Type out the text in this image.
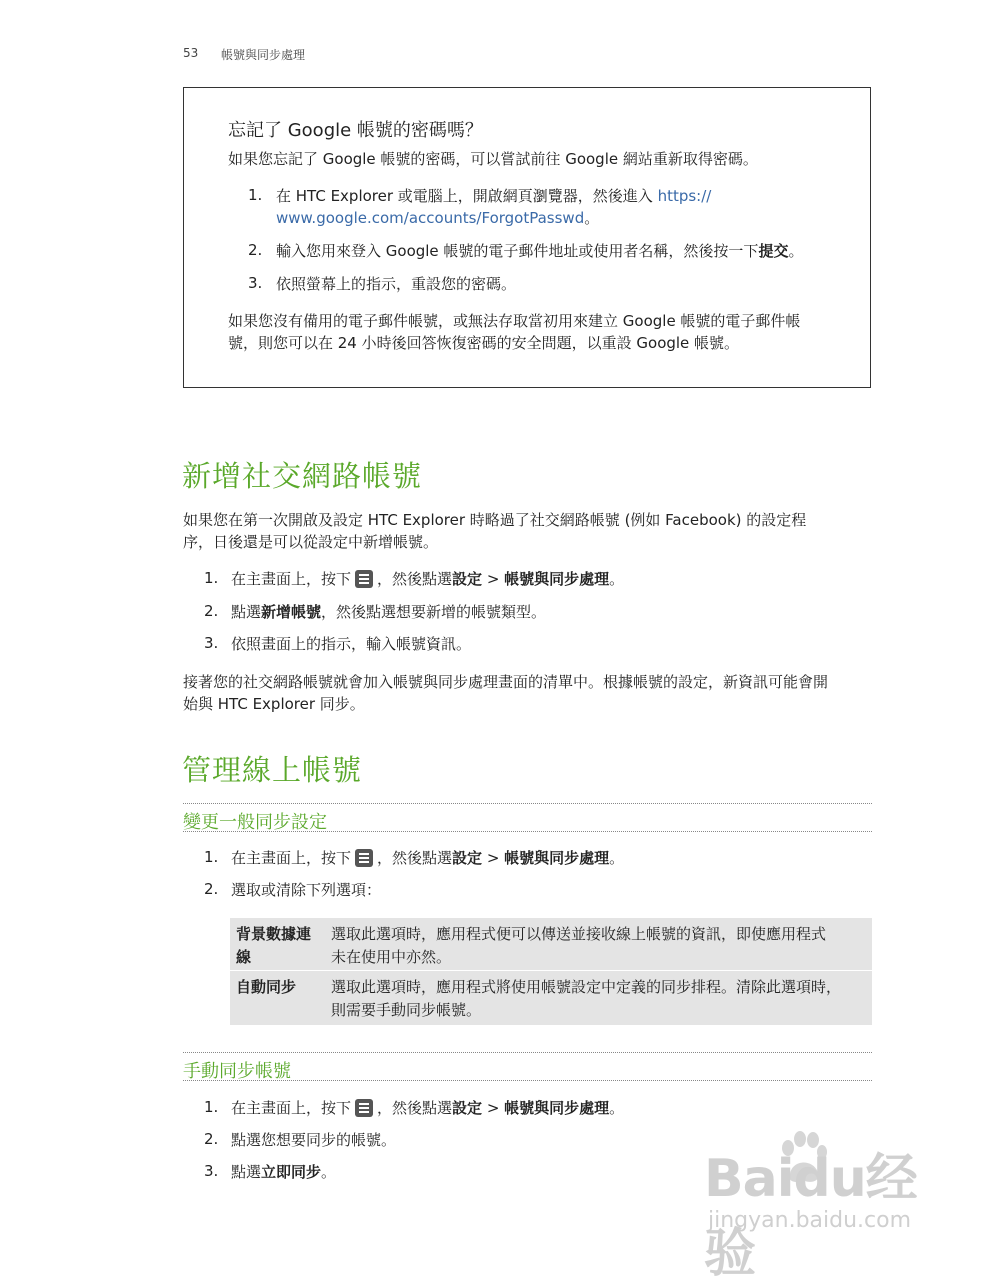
53 帳號與同步處理
忘記了 Google 帳號的密碼嗎？
如果您忘記了 Google 帳號的密碼，可以嘗試前往 Google 網站重新取得密碼。
1. 在 HTC Explorer 或電腦上，開啟網頁瀏覽器，然後進入 https://
www.google.com/accounts/ForgotPasswd。
2. 輸入您用來登入 Google 帳號的電子郵件地址或使用者名稱，然後按一下提交。
3. 依照螢幕上的指示，重設您的密碼。
如果您沒有備用的電子郵件帳號，或無法存取當初用來建立 Google 帳號的電子郵件帳
號，則您可以在 24 小時後回答恢復密碼的安全問題，以重設 Google 帳號。
新增社交網路帳號
如果您在第一次開啟及設定 HTC Explorer 時略過了社交網路帳號 (例如 Facebook) 的設定程
序，日後還是可以從設定中新增帳號。
1. 在主畫面上，按下 ，然後點選設定 > 帳號與同步處理。
2. 點選新增帳號，然後點選想要新增的帳號類型。
3. 依照畫面上的指示，輸入帳號資訊。
接著您的社交網路帳號就會加入帳號與同步處理畫面的清單中。根據帳號的設定，新資訊可能會開
始與 HTC Explorer 同步。
管理線上帳號
變更一般同步設定
1. 在主畫面上，按下 ，然後點選設定 > 帳號與同步處理。
2. 選取或清除下列選項：
背景數據連
線
選取此選項時，應用程式便可以傳送並接收線上帳號的資訊，即使應用程式
未在使用中亦然。
自動同步 選取此選項時，應用程式將使用帳號設定中定義的同步排程。清除此選項時，
則需要手動同步帳號。
手動同步帳號
1. 在主畫面上，按下 ，然後點選設定 > 帳號與同步處理。
2. 點選您想要同步的帳號。
3. 點選立即同步。	Baidu经验
jingyan.baidu.com
